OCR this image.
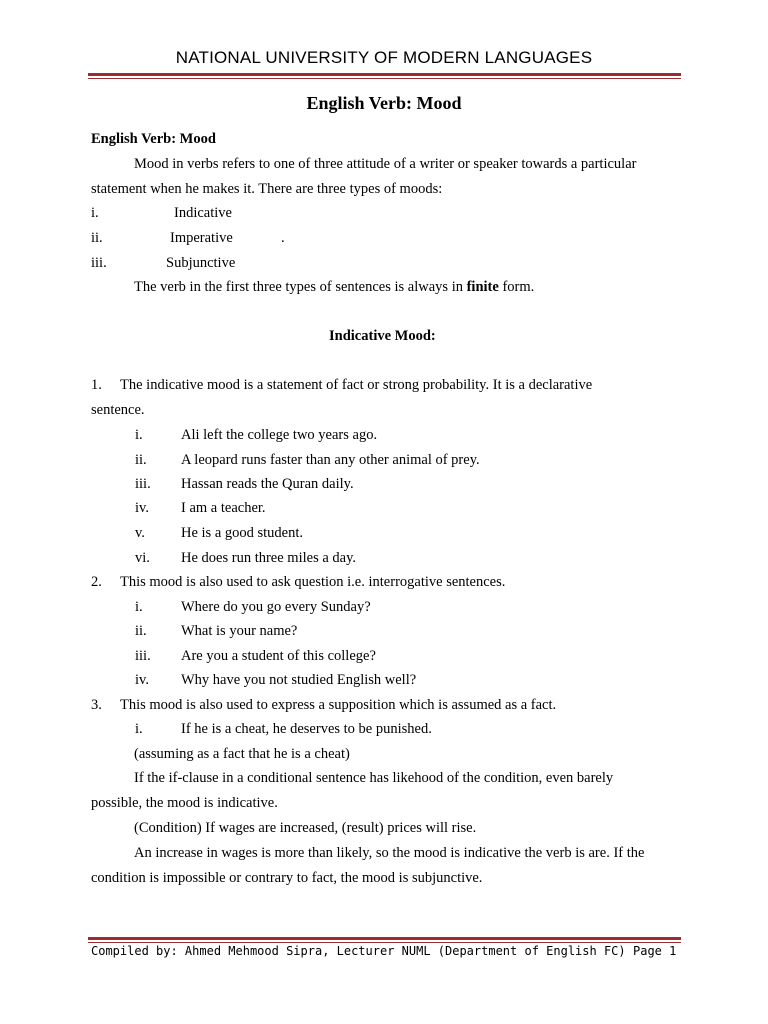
NATIONAL UNIVERSITY OF MODERN LANGUAGES
English Verb: Mood
English Verb: Mood
Mood in verbs refers to one of three attitude of a writer or speaker towards a particular
statement when he makes it. There are three types of moods:
i.	Indicative
ii.	Imperative	.
iii.	Subjunctive
The verb in the first three types of sentences is always in finite form.
Indicative Mood:
1. The indicative mood is a statement of fact or strong probability. It is a declarative
sentence.
i.	Ali left the college two years ago.
ii. A leopard runs faster than any other animal of prey.
iii. Hassan reads the Quran daily.
iv. I am a teacher.
v. He is a good student.
vi. He does run three miles a day.
2. This mood is also used to ask question i.e. interrogative sentences.
i.	Where do you go every Sunday?
ii. What is your name?
iii. Are you a student of this college?
iv. Why have you not studied English well?
3. This mood is also used to express a supposition which is assumed as a fact.
i.	If he is a cheat, he deserves to be punished.
(assuming as a fact that he is a cheat)
If the if-clause in a conditional sentence has likehood of the condition, even barely
possible, the mood is indicative.
(Condition) If wages are increased, (result) prices will rise.
An increase in wages is more than likely, so the mood is indicative the verb is are. If the
condition is impossible or contrary to fact, the mood is subjunctive.
Compiled by: Ahmed Mehmood Sipra, Lecturer NUML (Department of English FC) Page 1
